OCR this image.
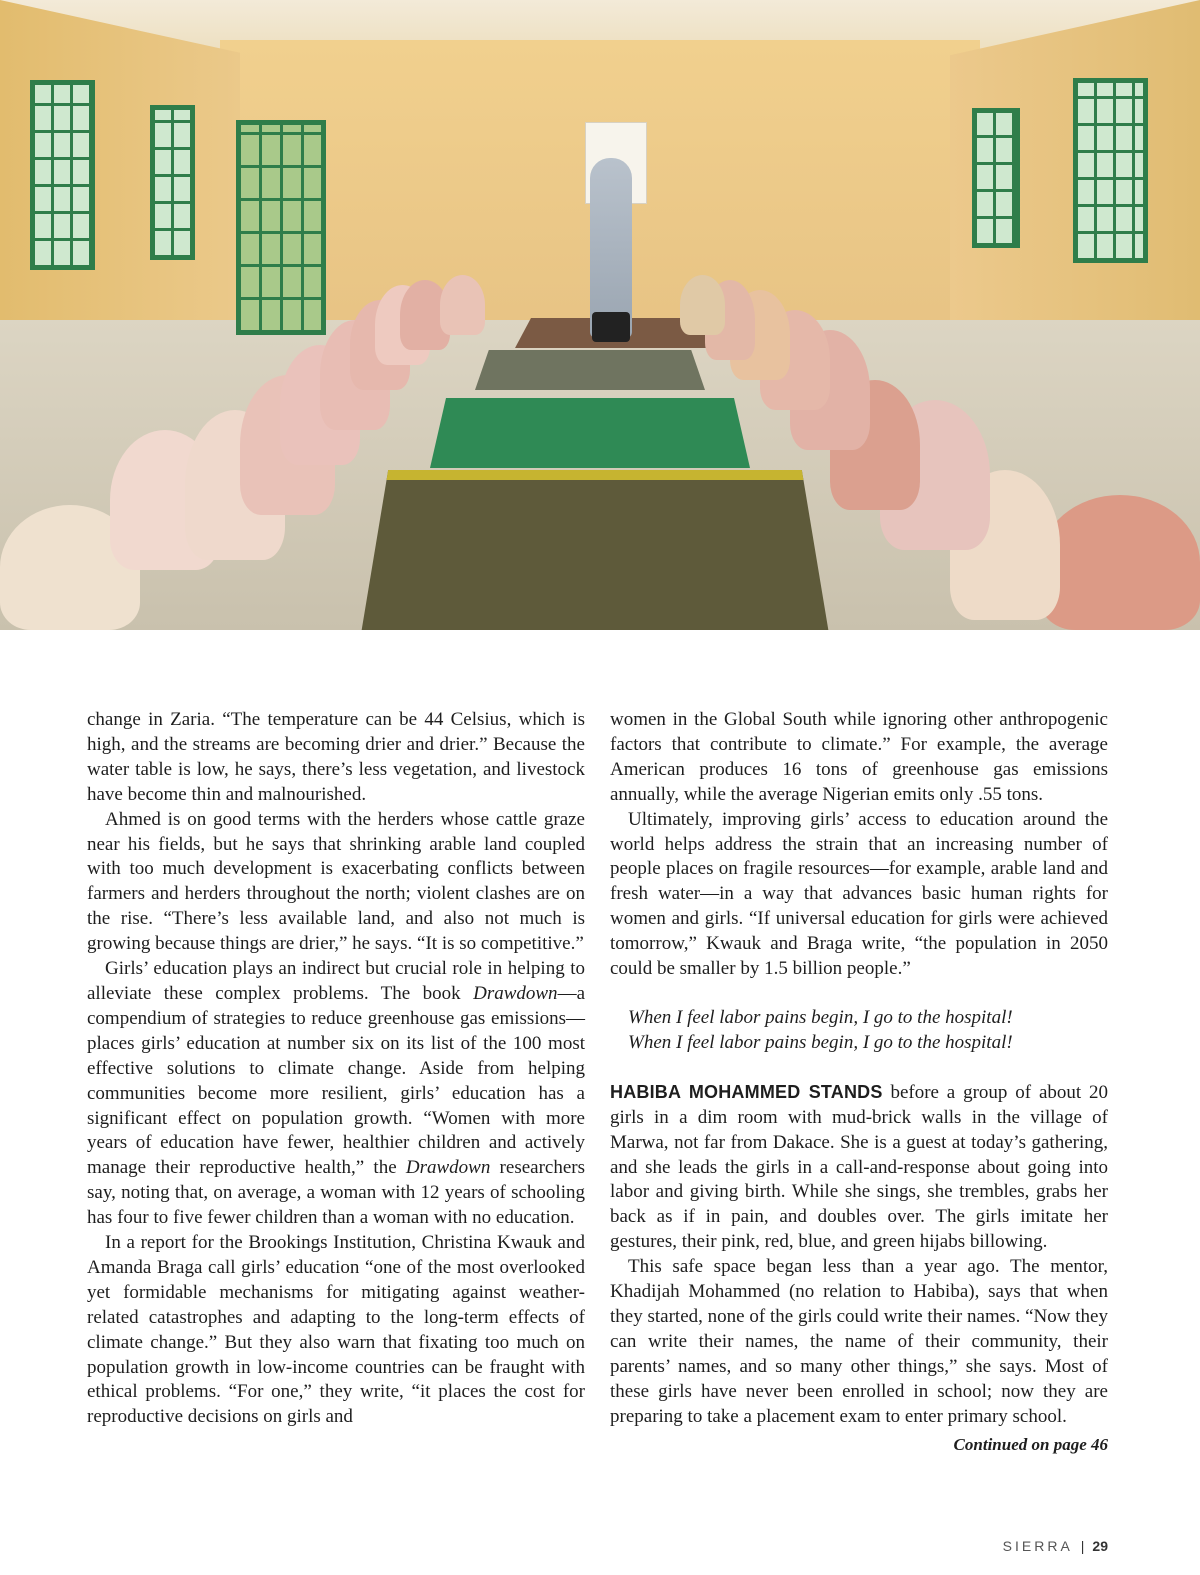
change in Zaria. “The temperature can be 44 Celsius, which is high, and the streams are becoming drier and drier.” Because the water table is low, he says, there’s less vegetation, and livestock have become thin and malnourished.

Ahmed is on good terms with the herders whose cattle graze near his fields, but he says that shrinking arable land coupled with too much development is exacerbating conflicts between farmers and herders throughout the north; violent clashes are on the rise. “There’s less available land, and also not much is growing because things are drier,” he says. “It is so competitive.”

Girls’ education plays an indirect but crucial role in helping to alleviate these complex problems. The book Drawdown—a compendium of strategies to reduce greenhouse gas emissions—places girls’ education at number six on its list of the 100 most effective solutions to climate change. Aside from helping communities become more resilient, girls’ education has a significant effect on population growth. “Women with more years of education have fewer, healthier children and actively manage their reproductive health,” the Drawdown researchers say, noting that, on average, a woman with 12 years of schooling has four to five fewer children than a woman with no education.

In a report for the Brookings Institution, Christina Kwauk and Amanda Braga call girls’ education “one of the most overlooked yet formidable mechanisms for mitigating against weather-related catastrophes and adapting to the long-term effects of climate change.” But they also warn that fixating too much on population growth in low-income countries can be fraught with ethical problems. “For one,” they write, “it places the cost for reproductive decisions on girls and

women in the Global South while ignoring other anthropogenic factors that contribute to climate.” For example, the average American produces 16 tons of greenhouse gas emissions annually, while the average Nigerian emits only .55 tons.

Ultimately, improving girls’ access to education around the world helps address the strain that an increasing number of people places on fragile resources—for example, arable land and fresh water—in a way that advances basic human rights for women and girls. “If universal education for girls were achieved tomorrow,” Kwauk and Braga write, “the population in 2050 could be smaller by 1.5 billion people.”

When I feel labor pains begin, I go to the hospital!

When I feel labor pains begin, I go to the hospital!

HABIBA MOHAMMED STANDS before a group of about 20 girls in a dim room with mud-brick walls in the village of Marwa, not far from Dakace. She is a guest at today’s gathering, and she leads the girls in a call-and-response about going into labor and giving birth. While she sings, she trembles, grabs her back as if in pain, and doubles over. The girls imitate her gestures, their pink, red, blue, and green hijabs billowing.

This safe space began less than a year ago. The mentor, Khadijah Mohammed (no relation to Habiba), says that when they started, none of the girls could write their names. “Now they can write their names, the name of their community, their parents’ names, and so many other things,” she says. Most of these girls have never been enrolled in school; now they are preparing to take a placement exam to enter primary school.

Continued on page 46

SIERRA | 29
